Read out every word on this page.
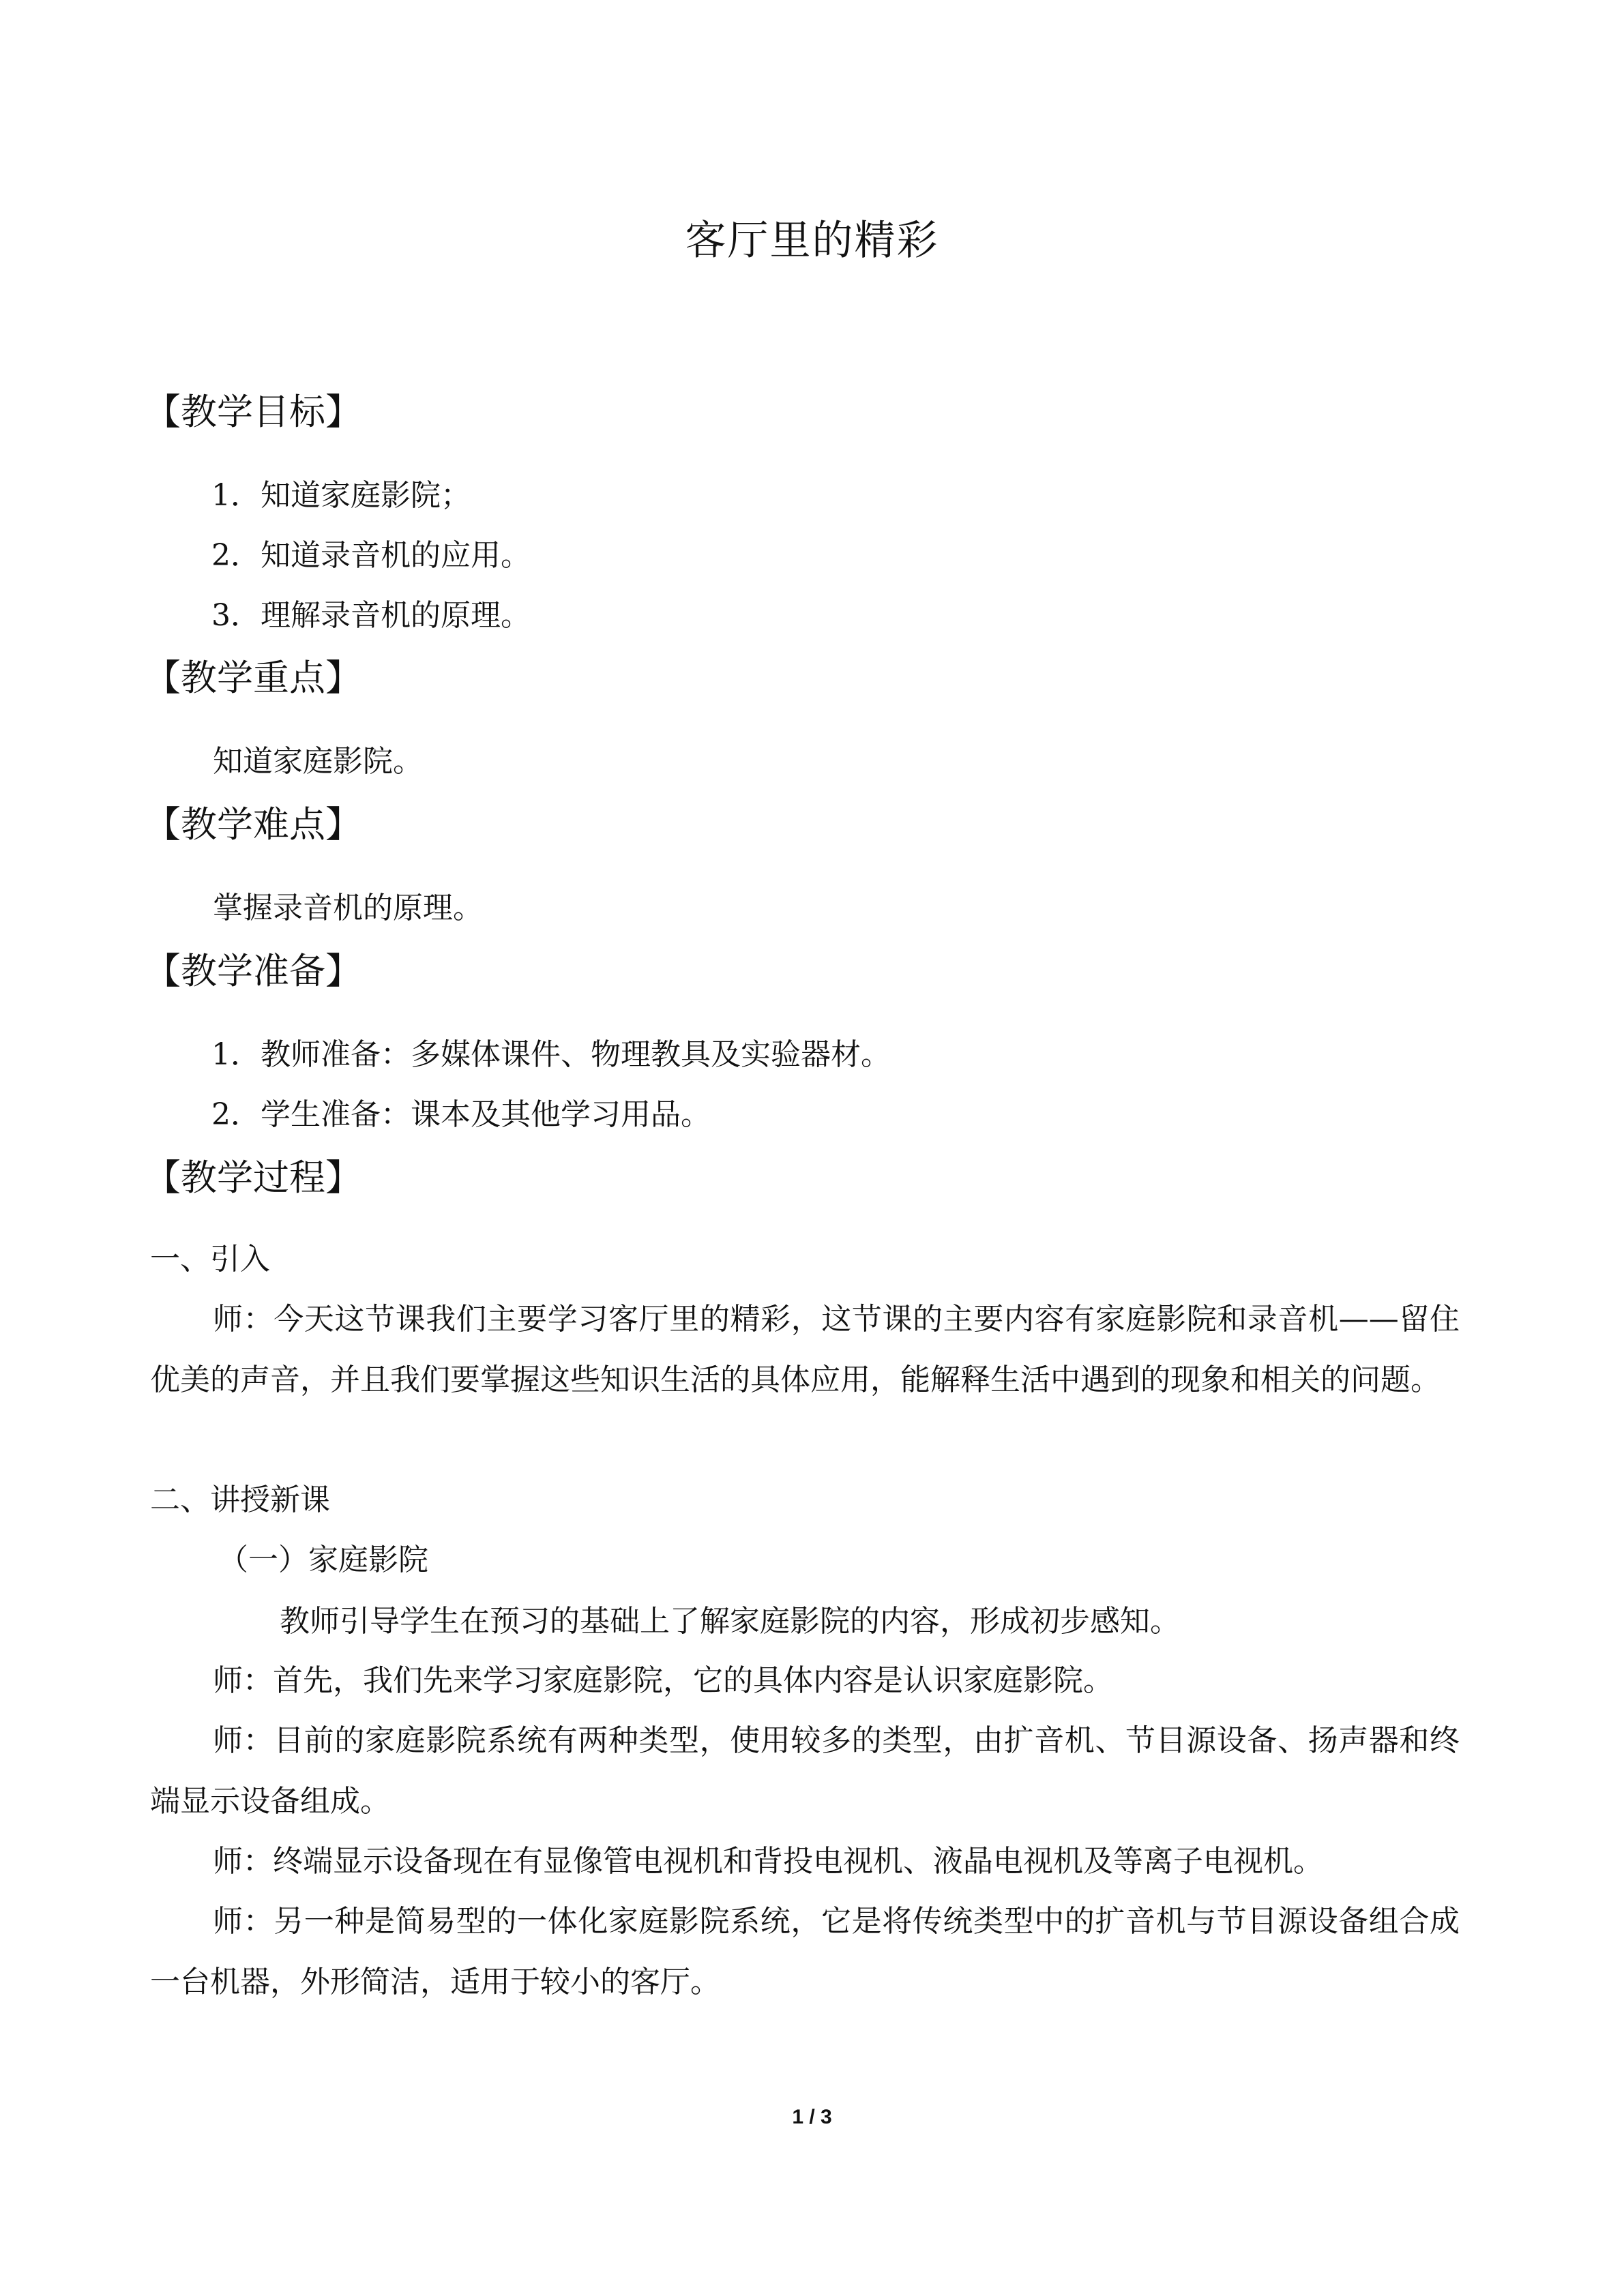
客厅里的精彩
【教学目标】
1．知道家庭影院；
2．知道录音机的应用。
3．理解录音机的原理。
【教学重点】
知道家庭影院。
【教学难点】
掌握录音机的原理。
【教学准备】
1．教师准备：多媒体课件、物理教具及实验器材。
2．学生准备：课本及其他学习用品。
【教学过程】
一、引入
师：今天这节课我们主要学习客厅里的精彩，这节课的主要内容有家庭影院和录音机——留住优美的声音，并且我们要掌握这些知识生活的具体应用，能解释生活中遇到的现象和相关的问题。
二、讲授新课
（一）家庭影院
教师引导学生在预习的基础上了解家庭影院的内容，形成初步感知。
师：首先，我们先来学习家庭影院，它的具体内容是认识家庭影院。
师：目前的家庭影院系统有两种类型，使用较多的类型，由扩音机、节目源设备、扬声器和终端显示设备组成。
师：终端显示设备现在有显像管电视机和背投电视机、液晶电视机及等离子电视机。
师：另一种是简易型的一体化家庭影院系统，它是将传统类型中的扩音机与节目源设备组合成一台机器，外形简洁，适用于较小的客厅。
1 / 3
